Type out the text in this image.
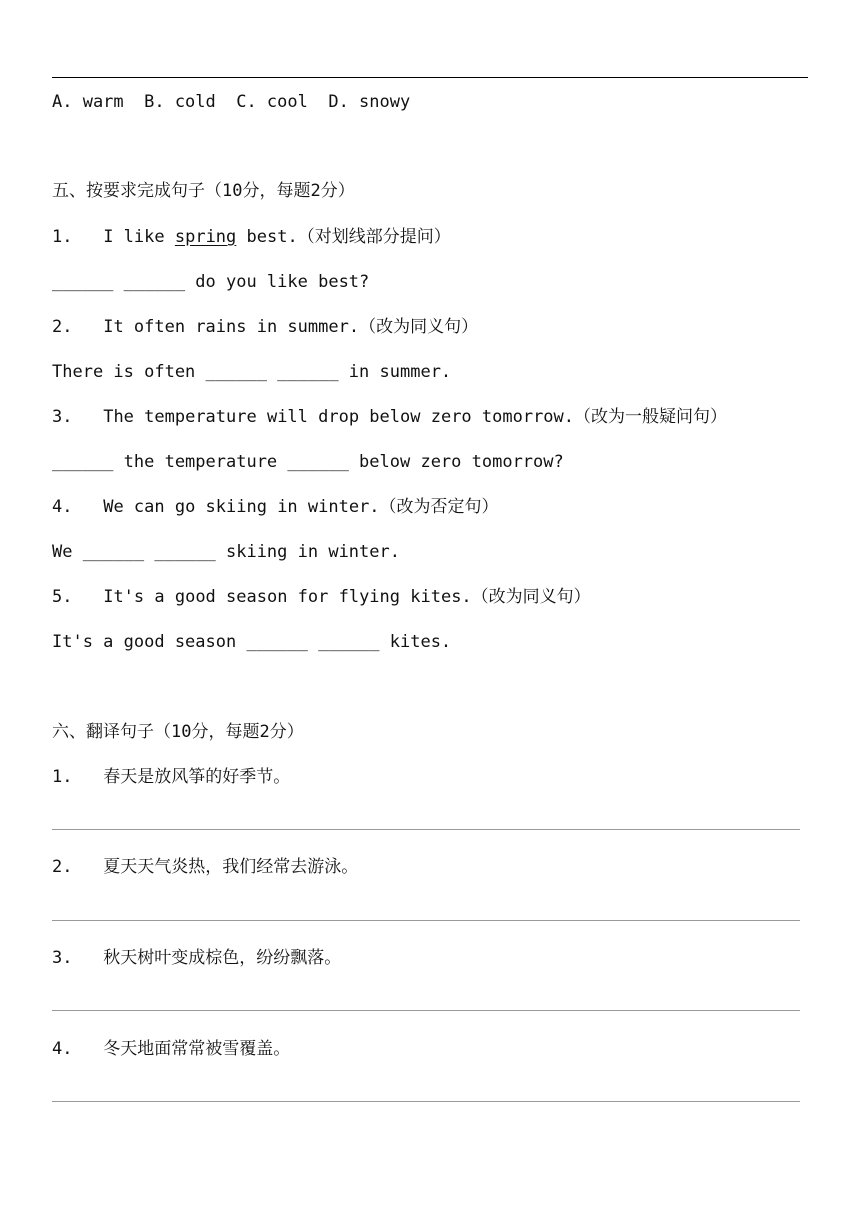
A. warm  B. cold  C. cool  D. snowy
五、按要求完成句子（10分，每题2分）
1. I like spring best.（对划线部分提问）
______ ______ do you like best?
2. It often rains in summer.（改为同义句）
There is often ______ ______ in summer.
3. The temperature will drop below zero tomorrow.（改为一般疑问句）
______ the temperature ______ below zero tomorrow?
4. We can go skiing in winter.（改为否定句）
We ______ ______ skiing in winter.
5. It's a good season for flying kites.（改为同义句）
It's a good season ______ ______ kites.
六、翻译句子（10分，每题2分）
1. 春天是放风筝的好季节。
2. 夏天天气炎热，我们经常去游泳。
3. 秋天树叶变成棕色，纷纷飘落。
4. 冬天地面常常被雪覆盖。
